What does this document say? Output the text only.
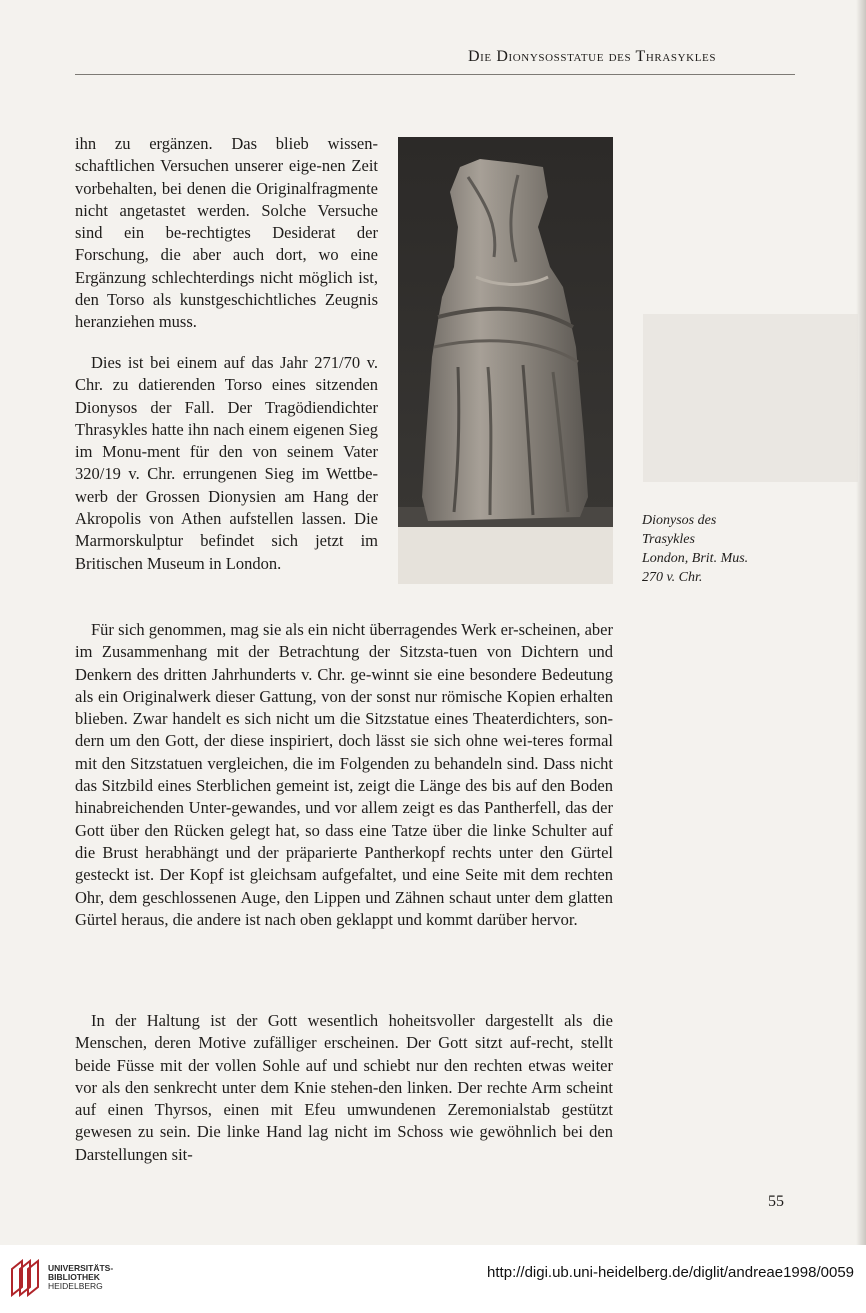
Die Dionysosstatue des Thrasykles

ihn zu ergänzen. Das blieb wissen-schaftlichen Versuchen unserer eige-nen Zeit vorbehalten, bei denen die Originalfragmente nicht angetastet werden. Solche Versuche sind ein be-rechtigtes Desiderat der Forschung, die aber auch dort, wo eine Ergänzung schlechterdings nicht möglich ist, den Torso als kunstgeschichtliches Zeugnis heranziehen muss.

Dies ist bei einem auf das Jahr 271/70 v. Chr. zu datierenden Torso eines sitzenden Dionysos der Fall. Der Tragödiendichter Thrasykles hatte ihn nach einem eigenen Sieg im Monu-ment für den von seinem Vater 320/19 v. Chr. errungenen Sieg im Wettbe-werb der Grossen Dionysien am Hang der Akropolis von Athen aufstellen lassen. Die Marmorskulptur befindet sich jetzt im Britischen Museum in London.

Dionysos des
Trasykles
London, Brit. Mus.
270 v. Chr.

Für sich genommen, mag sie als ein nicht überragendes Werk er-scheinen, aber im Zusammenhang mit der Betrachtung der Sitzsta-tuen von Dichtern und Denkern des dritten Jahrhunderts v. Chr. ge-winnt sie eine besondere Bedeutung als ein Originalwerk dieser Gattung, von der sonst nur römische Kopien erhalten blieben. Zwar handelt es sich nicht um die Sitzstatue eines Theaterdichters, son-dern um den Gott, der diese inspiriert, doch lässt sie sich ohne wei-teres formal mit den Sitzstatuen vergleichen, die im Folgenden zu behandeln sind. Dass nicht das Sitzbild eines Sterblichen gemeint ist, zeigt die Länge des bis auf den Boden hinabreichenden Unter-gewandes, und vor allem zeigt es das Pantherfell, das der Gott über den Rücken gelegt hat, so dass eine Tatze über die linke Schulter auf die Brust herabhängt und der präparierte Pantherkopf rechts unter den Gürtel gesteckt ist. Der Kopf ist gleichsam aufgefaltet, und eine Seite mit dem rechten Ohr, dem geschlossenen Auge, den Lippen und Zähnen schaut unter dem glatten Gürtel heraus, die andere ist nach oben geklappt und kommt darüber hervor.

In der Haltung ist der Gott wesentlich hoheitsvoller dargestellt als die Menschen, deren Motive zufälliger erscheinen. Der Gott sitzt auf-recht, stellt beide Füsse mit der vollen Sohle auf und schiebt nur den rechten etwas weiter vor als den senkrecht unter dem Knie stehen-den linken. Der rechte Arm scheint auf einen Thyrsos, einen mit Efeu umwundenen Zeremonialstab gestützt gewesen zu sein. Die linke Hand lag nicht im Schoss wie gewöhnlich bei den Darstellungen sit-

55
UNIVERSITÄTS-
BIBLIOTHEK
HEIDELBERG
http://digi.ub.uni-heidelberg.de/diglit/andreae1998/0059
